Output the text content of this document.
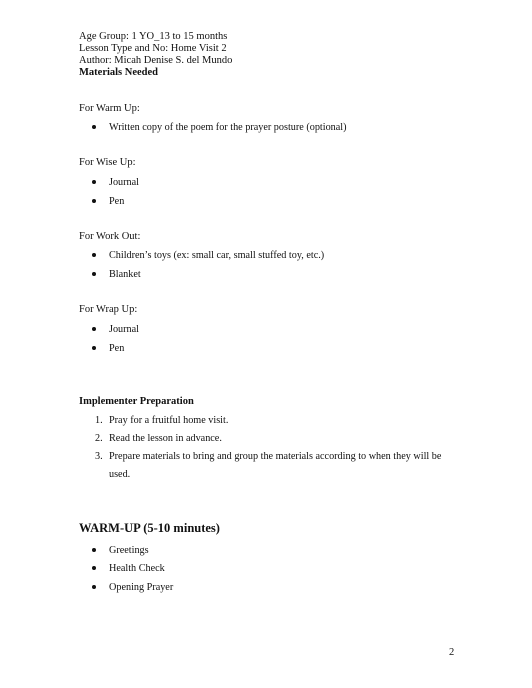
Age Group: 1 YO_13 to 15 months
Lesson Type and No: Home Visit 2
Author: Micah Denise S. del Mundo
Materials Needed
For Warm Up:
Written copy of the poem for the prayer posture (optional)
For Wise Up:
Journal
Pen
For Work Out:
Children’s toys (ex: small car, small stuffed toy, etc.)
Blanket
For Wrap Up:
Journal
Pen
Implementer Preparation
1. Pray for a fruitful home visit.
2. Read the lesson in advance.
3. Prepare materials to bring and group the materials according to when they will be
used.
WARM-UP (5-10 minutes)
Greetings
Health Check
Opening Prayer
2
